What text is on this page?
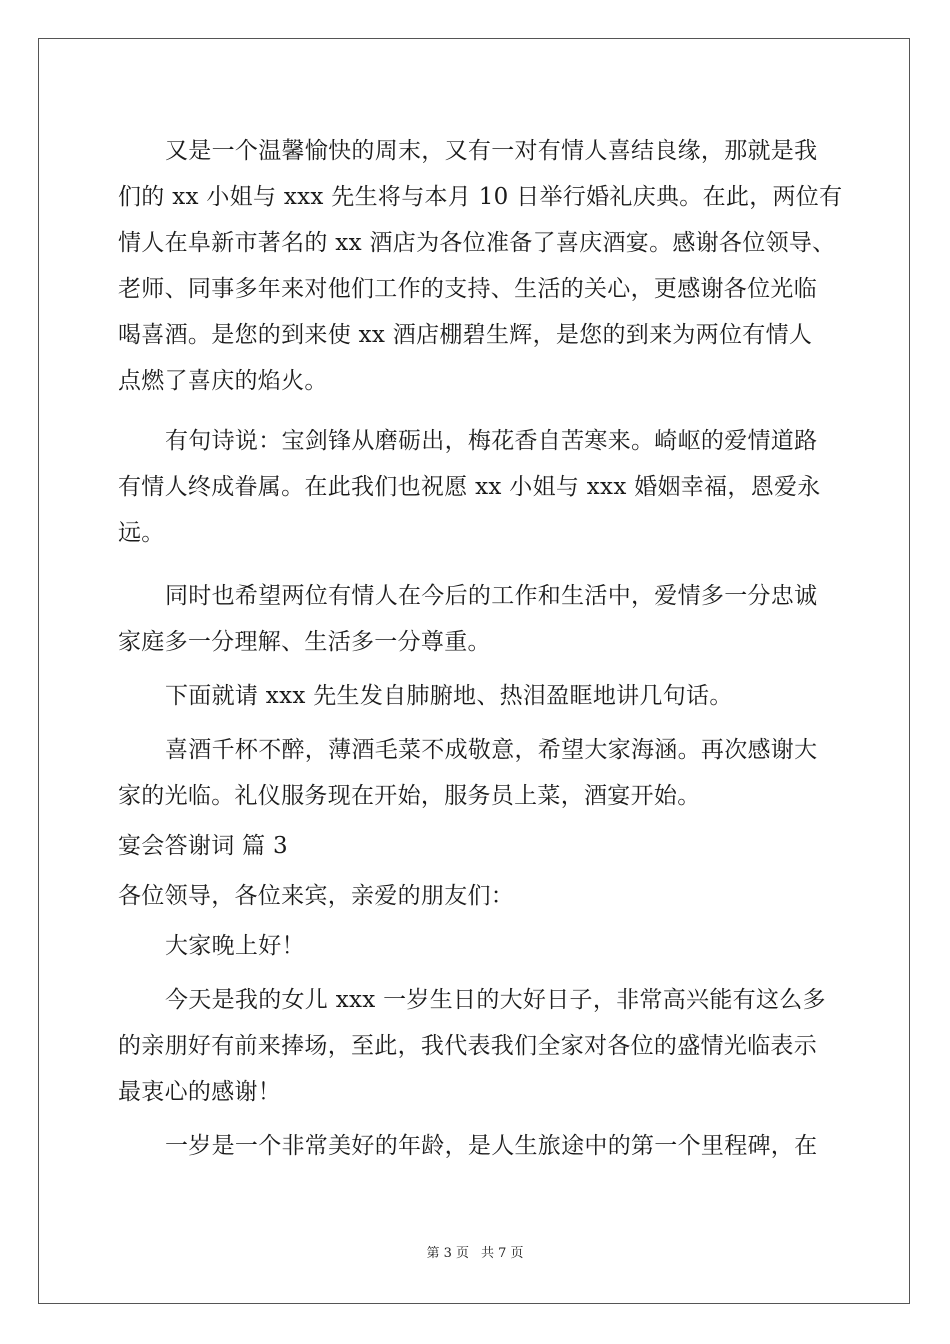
又是一个温馨愉快的周末，又有一对有情人喜结良缘，那就是我
们的 xx 小姐与 xxx 先生将与本月 10 日举行婚礼庆典。在此，两位有
情人在阜新市著名的 xx 酒店为各位准备了喜庆酒宴。感谢各位领导、
老师、同事多年来对他们工作的支持、生活的关心，更感谢各位光临
喝喜酒。是您的到来使 xx 酒店棚碧生辉，是您的到来为两位有情人
点燃了喜庆的焰火。
有句诗说：宝剑锋从磨砺出，梅花香自苦寒来。崎岖的爱情道路
有情人终成眷属。在此我们也祝愿 xx 小姐与 xxx 婚姻幸福，恩爱永
远。
同时也希望两位有情人在今后的工作和生活中，爱情多一分忠诚
家庭多一分理解、生活多一分尊重。
下面就请 xxx 先生发自肺腑地、热泪盈眶地讲几句话。
喜酒千杯不醉，薄酒毛菜不成敬意，希望大家海涵。再次感谢大
家的光临。礼仪服务现在开始，服务员上菜，酒宴开始。
宴会答谢词 篇 3
各位领导，各位来宾，亲爱的朋友们：
大家晚上好！
今天是我的女儿 xxx 一岁生日的大好日子，非常高兴能有这么多
的亲朋好有前来捧场，至此，我代表我们全家对各位的盛情光临表示
最衷心的感谢！
一岁是一个非常美好的年龄，是人生旅途中的第一个里程碑，在
第 3 页 共 7 页
